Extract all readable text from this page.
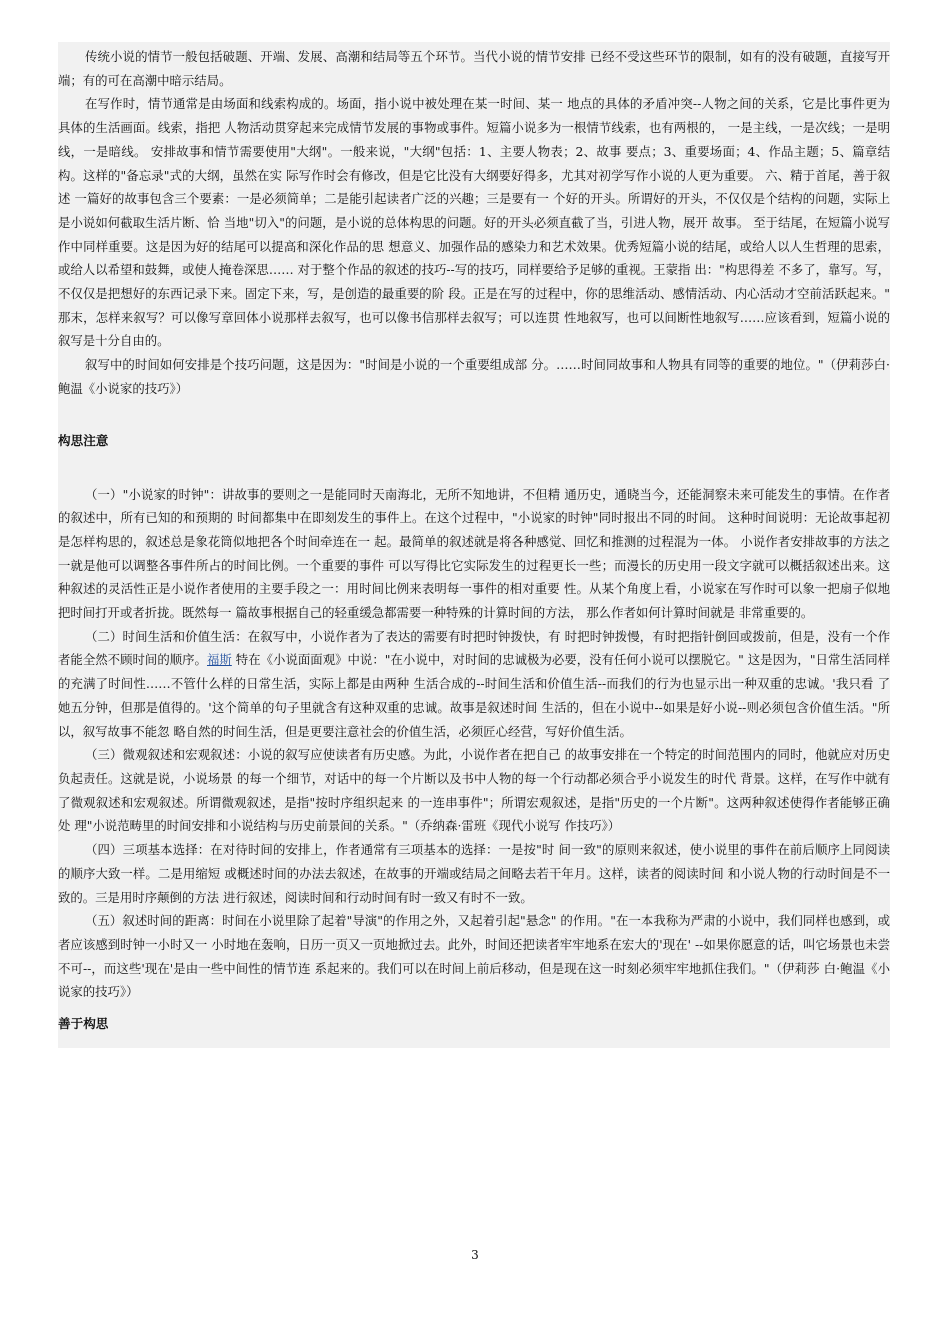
传统小说的情节一般包括破题、开端、发展、高潮和结局等五个环节。当代小说的情节安排 已经不受这些环节的限制，如有的没有破题，直接写开端；有的可在高潮中暗示结局。

在写作时，情节通常是由场面和线索构成的。场面，指小说中被处理在某一时间、某一 地点的具体的矛盾冲突--人物之间的关系，它是比事件更为具体的生活画面。线索，指把 人物活动贯穿起来完成情节发展的事物或事件。短篇小说多为一根情节线索，也有两根的， 一是主线，一是次线；一是明线，一是暗线。 安排故事和情节需要使用"大纲"。一般来说，"大纲"包括：1、主要人物表；2、故事 要点；3、重要场面；4、作品主题；5、篇章结构。这样的"备忘录"式的大纲，虽然在实 际写作时会有修改，但是它比没有大纲要好得多，尤其对初学写作小说的人更为重要。 六、精于首尾，善于叙述 一篇好的故事包含三个要素：一是必须简单；二是能引起读者广泛的兴趣；三是要有一 个好的开头。所谓好的开头，不仅仅是个结构的问题，实际上是小说如何截取生活片断、恰 当地"切入"的问题，是小说的总体构思的问题。好的开头必须直截了当，引进人物，展开 故事。 至于结尾，在短篇小说写作中同样重要。这是因为好的结尾可以提高和深化作品的思 想意义、加强作品的感染力和艺术效果。优秀短篇小说的结尾，或给人以人生哲理的思索， 或给人以希望和鼓舞，或使人掩卷深思…… 对于整个作品的叙述的技巧--写的技巧，同样要给予足够的重视。王蒙指 出："构思得差 不多了，靠写。写，不仅仅是把想好的东西记录下来。固定下来，写，是创造的最重要的阶 段。正是在写的过程中，你的思维活动、感情活动、内心活动才空前活跃起来。" 那末，怎样来叙写？可以像写章回体小说那样去叙写，也可以像书信那样去叙写；可以连贯 性地叙写，也可以间断性地叙写……应该看到，短篇小说的叙写是十分自由的。

叙写中的时间如何安排是个技巧问题，这是因为："时间是小说的一个重要组成部 分。……时间同故事和人物具有同等的重要的地位。"（伊莉莎白·鲍温《小说家的技巧》）

构思注意

（一）"小说家的时钟"：讲故事的要则之一是能同时天南海北，无所不知地讲，不但精 通历史，通晓当今，还能洞察未来可能发生的事情。在作者的叙述中，所有已知的和预期的 时间都集中在即刻发生的事件上。在这个过程中，"小说家的时钟"同时报出不同的时间。 这种时间说明：无论故事起初是怎样构思的，叙述总是象花筒似地把各个时间牵连在一 起。最简单的叙述就是将各种感觉、回忆和推测的过程混为一体。 小说作者安排故事的方法之一就是他可以调整各事件所占的时间比例。一个重要的事件 可以写得比它实际发生的过程更长一些；而漫长的历史用一段文字就可以概括叙述出来。这 种叙述的灵活性正是小说作者使用的主要手段之一：用时间比例来表明每一事件的相对重要 性。从某个角度上看，小说家在写作时可以象一把扇子似地把时间打开或者折拢。既然每一 篇故事根据自己的轻重缓急都需要一种特殊的计算时间的方法， 那么作者如何计算时间就是 非常重要的。

（二）时间生活和价值生活：在叙写中，小说作者为了表达的需要有时把时钟拨快，有 时把时钟拨慢，有时把指针倒回或拨前，但是，没有一个作者能全然不顾时间的顺序。福斯 特在《小说面面观》中说："在小说中，对时间的忠诚极为必要，没有任何小说可以摆脱它。" 这是因为，"日常生活同样的充满了时间性……不管什么样的日常生活，实际上都是由两种 生活合成的--时间生活和价值生活--而我们的行为也显示出一种双重的忠诚。'我只看 了她五分钟，但那是值得的。'这个简单的句子里就含有这种双重的忠诚。故事是叙述时间 生活的，但在小说中--如果是好小说--则必须包含价值生活。"所以，叙写故事不能忽 略自然的时间生活，但是更要注意社会的价值生活，必须匠心经营，写好价值生活。

（三）微观叙述和宏观叙述：小说的叙写应使读者有历史感。为此，小说作者在把自己 的故事安排在一个特定的时间范围内的同时，他就应对历史负起责任。这就是说，小说场景 的每一个细节，对话中的每一个片断以及书中人物的每一个行动都必须合乎小说发生的时代 背景。这样，在写作中就有了微观叙述和宏观叙述。所谓微观叙述，是指"按时序组织起来 的一连串事件"；所谓宏观叙述，是指"历史的一个片断"。这两种叙述使得作者能够正确处 理"小说范畴里的时间安排和小说结构与历史前景间的关系。"（乔纳森·雷班《现代小说写 作技巧》）

（四）三项基本选择：在对待时间的安排上，作者通常有三项基本的选择：一是按"时 间一致"的原则来叙述，使小说里的事件在前后顺序上同阅读的顺序大致一样。二是用缩短 或概述时间的办法去叙述，在故事的开端或结局之间略去若干年月。这样，读者的阅读时间 和小说人物的行动时间是不一致的。三是用时序颠倒的方法 进行叙述，阅读时间和行动时间有时一致又有时不一致。

（五）叙述时间的距离：时间在小说里除了起着"导演"的作用之外，又起着引起"悬念" 的作用。"在一本我称为严肃的小说中，我们同样也感到，或者应该感到时钟一小时又一 小时地在轰响，日历一页又一页地掀过去。此外，时间还把读者牢牢地系在宏大的'现在' --如果你愿意的话，叫它场景也未尝不可--，而这些'现在'是由一些中间性的情节连 系起来的。我们可以在时间上前后移动，但是现在这一时刻必须牢牢地抓住我们。"（伊莉莎 白·鲍温《小说家的技巧》）

善于构思
3
